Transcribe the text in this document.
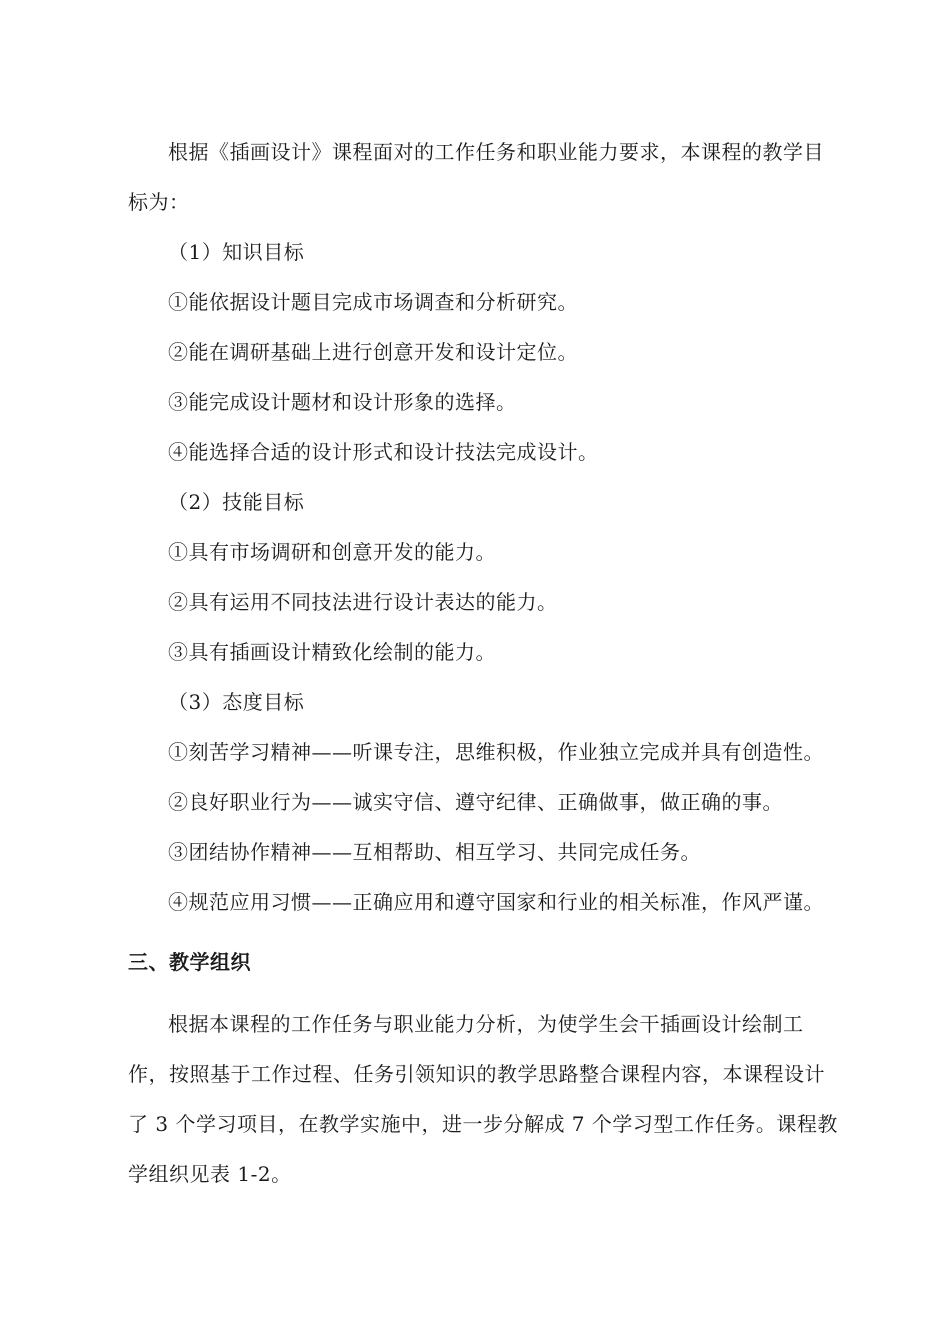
根据《插画设计》课程面对的工作任务和职业能力要求，本课程的教学目
标为：
（1）知识目标
①能依据设计题目完成市场调查和分析研究。
②能在调研基础上进行创意开发和设计定位。
③能完成设计题材和设计形象的选择。
④能选择合适的设计形式和设计技法完成设计。
（2）技能目标
①具有市场调研和创意开发的能力。
②具有运用不同技法进行设计表达的能力。
③具有插画设计精致化绘制的能力。
（3）态度目标
①刻苦学习精神——听课专注，思维积极，作业独立完成并具有创造性。
②良好职业行为——诚实守信、遵守纪律、正确做事，做正确的事。
③团结协作精神——互相帮助、相互学习、共同完成任务。
④规范应用习惯——正确应用和遵守国家和行业的相关标准，作风严谨。
三、教学组织
根据本课程的工作任务与职业能力分析，为使学生会干插画设计绘制工
作，按照基于工作过程、任务引领知识的教学思路整合课程内容，本课程设计
了 3 个学习项目，在教学实施中，进一步分解成 7 个学习型工作任务。课程教
学组织见表 1-2。
